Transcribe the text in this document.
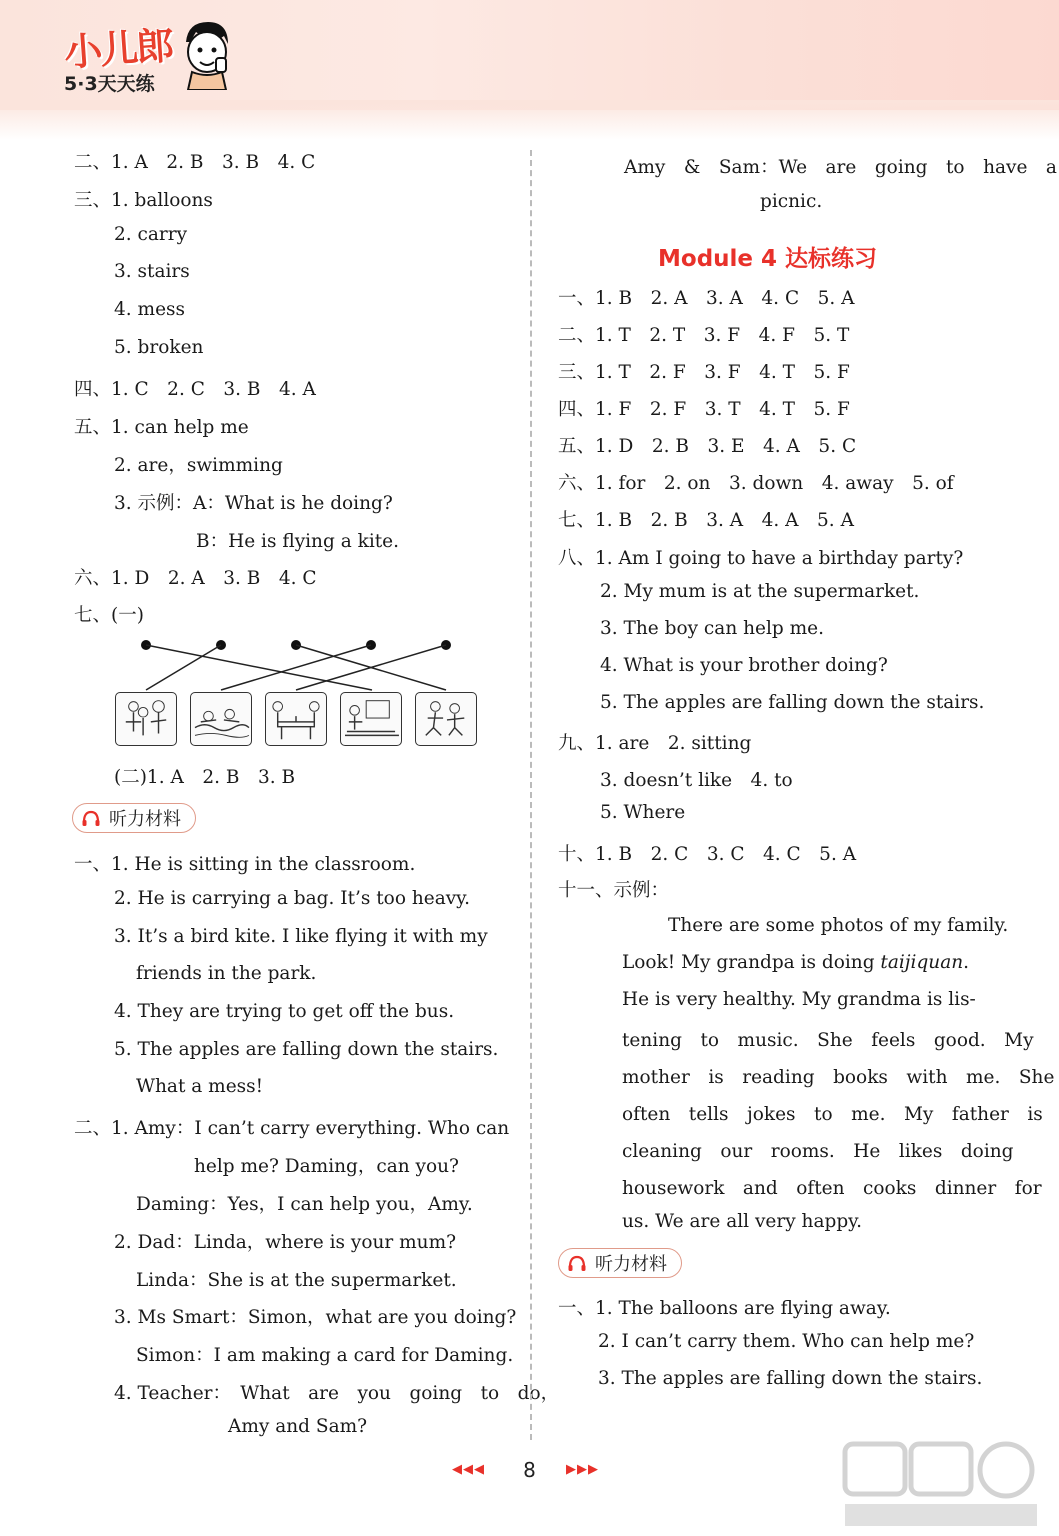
小儿郎
5·3天天练
二、1. A　2. B　3. B　4. C
三、1. balloons
2. carry
3. stairs
4. mess
5. broken
四、1. C　2. C　3. B　4. A
五、1. can help me
2. are，swimming
3. 示例：A：What is he doing?
B：He is flying a kite.
六、1. D　2. A　3. B　4. C
七、(一)
(二)1. A　2. B　3. B
听力材料
一、1. He is sitting in the classroom.
2. He is carrying a bag. It’s too heavy.
3. It’s a bird kite. I like flying it with my
friends in the park.
4. They are trying to get off the bus.
5. The apples are falling down the stairs.
What a mess!
二、1. Amy：I can’t carry everything. Who can
help me? Daming，can you?
Daming：Yes，I can help you，Amy.
2. Dad：Linda，where is your mum?
Linda：She is at the supermarket.
3. Ms Smart：Simon，what are you doing?
Simon：I am making a card for Daming.
4. Teacher：　What　are　you　going　to　do，
Amy and Sam?
Amy　&　Sam：We　are　going　to　have　a
picnic.
Module 4 达标练习
一、1. B　2. A　3. A　4. C　5. A
二、1. T　2. T　3. F　4. F　5. T
三、1. T　2. F　3. F　4. T　5. F
四、1. F　2. F　3. T　4. T　5. F
五、1. D　2. B　3. E　4. A　5. C
六、1. for　2. on　3. down　4. away　5. of
七、1. B　2. B　3. A　4. A　5. A
八、1. Am I going to have a birthday party?
2. My mum is at the supermarket.
3. The boy can help me.
4. What is your brother doing?
5. The apples are falling down the stairs.
九、1. are　2. sitting
3. doesn’t like　4. to
5. Where
十、1. B　2. C　3. C　4. C　5. A
十一、示例：
There are some photos of my family.
Look! My grandpa is doing taijiquan.
He is very healthy. My grandma is lis-
tening　to　music.　She　feels　good.　My
mother　is　reading　books　with　me.　She
often　tells　jokes　to　me.　My　father　is
cleaning　our　rooms.　He　likes　doing
housework　and　often　cooks　dinner　for
us. We are all very happy.
听力材料
一、1. The balloons are flying away.
2. I can’t carry them. Who can help me?
3. The apples are falling down the stairs.
◀◀◀	8	▶▶▶
